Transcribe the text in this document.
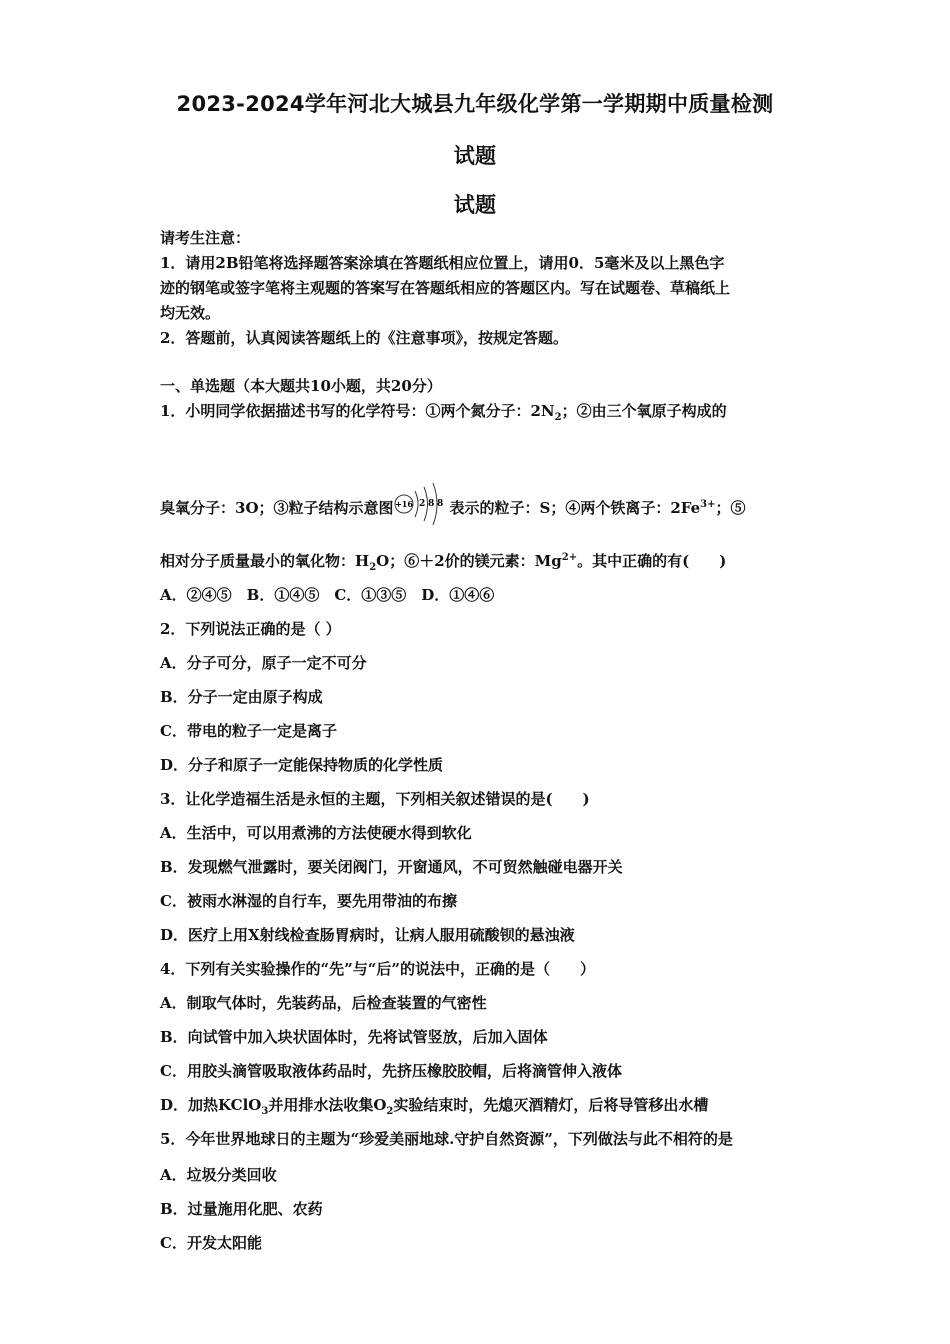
2023-2024学年河北大城县九年级化学第一学期期中质量检测
试题
试题
请考生注意：
1．请用2B铅笔将选择题答案涂填在答题纸相应位置上，请用0．5毫米及以上黑色字
迹的钢笔或签字笔将主观题的答案写在答题纸相应的答题区内。写在试题卷、草稿纸上
均无效。
2．答题前，认真阅读答题纸上的《注意事项》，按规定答题。
一、单选题（本大题共10小题，共20分）
1．小明同学依据描述书写的化学符号：①两个氮分子：$2N_2$；②由三个氧原子构成的
臭氧分子：3O；③粒子结构示意图 +16 2 8 8 表示的粒子：S；④两个铁离子：$2Fe^{3+}$；⑤
相对分子质量最小的氧化物：$H_2O$；⑥＋2价的镁元素：$Mg^{2+}$。其中正确的有(　　)
A．②④⑤　B．①④⑤　C．①③⑤　D．①④⑥
2．下列说法正确的是（ ）
A．分子可分，原子一定不可分
B．分子一定由原子构成
C．带电的粒子一定是离子
D．分子和原子一定能保持物质的化学性质
3．让化学造福生活是永恒的主题，下列相关叙述错误的是(　　)
A．生活中，可以用煮沸的方法使硬水得到软化
B．发现燃气泄露时，要关闭阀门，开窗通风，不可贸然触碰电器开关
C．被雨水淋湿的自行车，要先用带油的布擦
D．医疗上用X射线检查肠胃病时，让病人服用硫酸钡的悬浊液
4．下列有关实验操作的“先”与“后”的说法中，正确的是（　　）
A．制取气体时，先装药品，后检查装置的气密性
B．向试管中加入块状固体时，先将试管竖放，后加入固体
C．用胶头滴管吸取液体药品时，先挤压橡胶胶帽，后将滴管伸入液体
D．加热KClO$_3$并用排水法收集$O_2$实验结束时，先熄灭酒精灯，后将导管移出水槽
5．今年世界地球日的主题为“珍爱美丽地球.守护自然资源”，下列做法与此不相符的是
A．垃圾分类回收
B．过量施用化肥、农药
C．开发太阳能
